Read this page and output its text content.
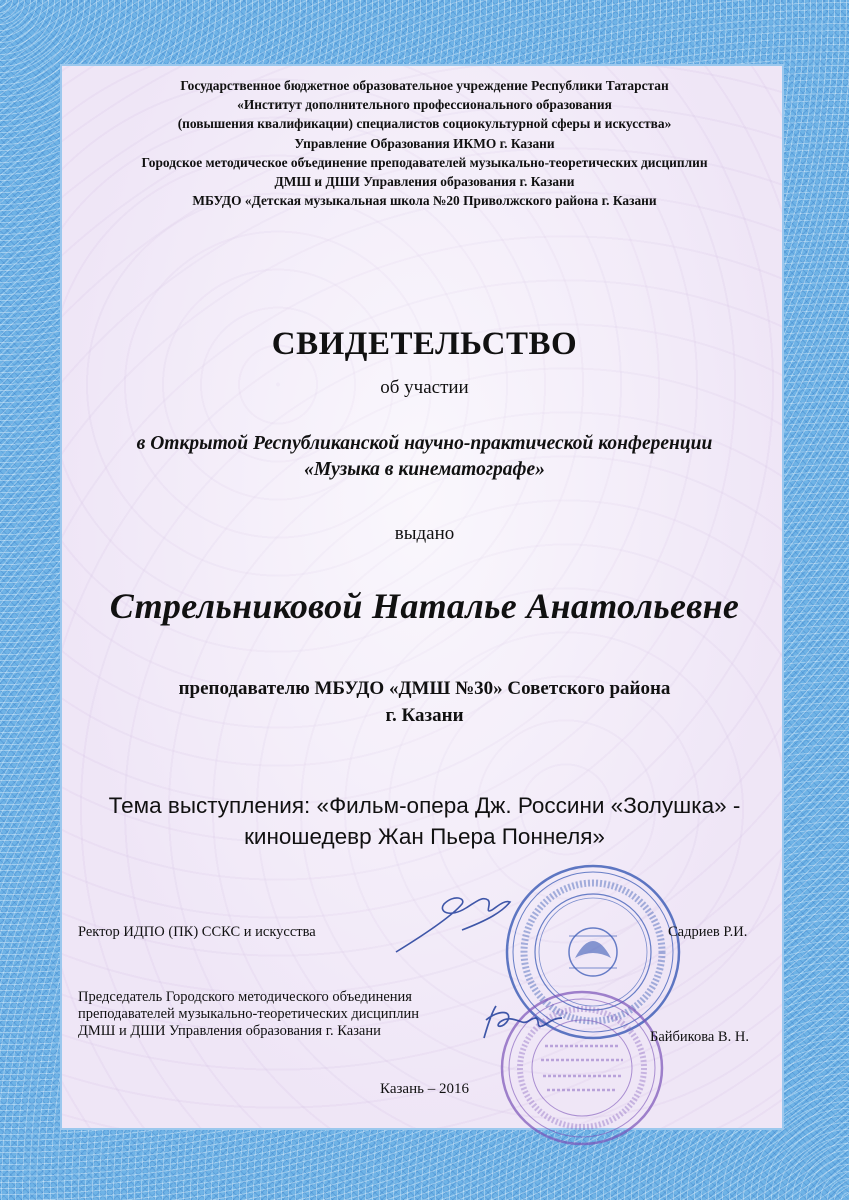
Государственное бюджетное образовательное учреждение Республики Татарстан
«Институт дополнительного профессионального образования
(повышения квалификации) специалистов социокультурной сферы и искусства»
Управление Образования ИКМО г. Казани
Городское методическое объединение преподавателей музыкально-теоретических дисциплин
ДМШ и ДШИ Управления образования г. Казани
МБУДО «Детская музыкальная школа №20 Приволжского района г. Казани
СВИДЕТЕЛЬСТВО
об участии
в Открытой Республиканской научно-практической конференции
«Музыка в кинематографе»
выдано
Стрельниковой Наталье Анатольевне
преподавателю МБУДО «ДМШ №30» Советского района
г. Казани
Тема выступления: «Фильм-опера Дж. Россини «Золушка» -
киношедевр Жан Пьера Поннеля»
Ректор ИДПО (ПК) ССКС и искусства	Садриев Р.И.
Председатель Городского методического объединения
преподавателей музыкально-теоретических дисциплин
ДМШ и ДШИ Управления образования г. Казани	Байбикова В. Н.
Казань – 2016
